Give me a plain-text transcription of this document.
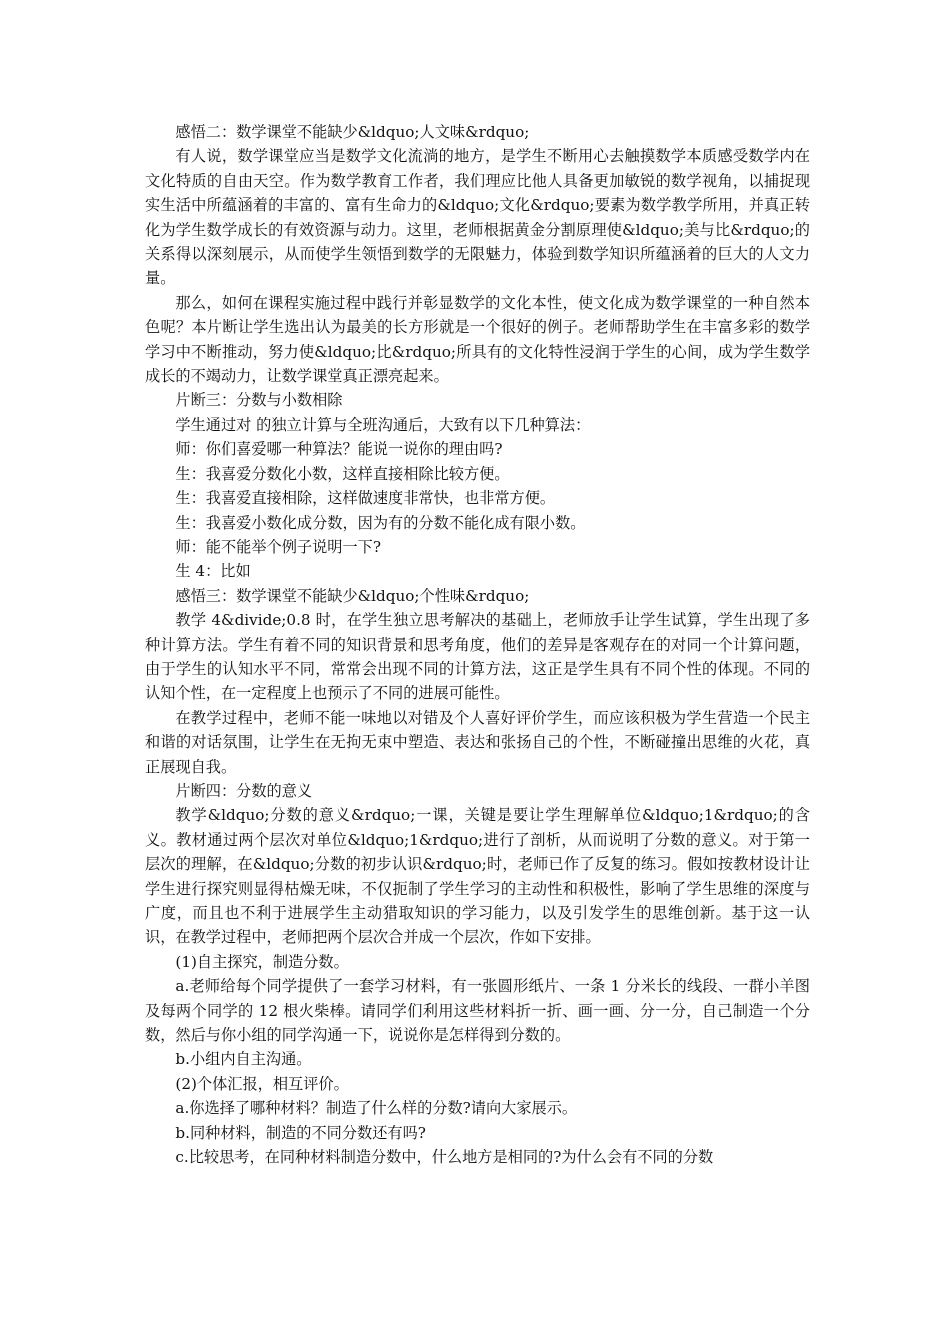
感悟二：数学课堂不能缺少&ldquo;人文味&rdquo;

有人说，数学课堂应当是数学文化流淌的地方，是学生不断用心去触摸数学本质感受数学内在文化特质的自由天空。作为数学教育工作者，我们理应比他人具备更加敏锐的数学视角，以捕捉现实生活中所蕴涵着的丰富的、富有生命力的&ldquo;文化&rdquo;要素为数学教学所用，并真正转化为学生数学成长的有效资源与动力。这里，老师根据黄金分割原理使&ldquo;美与比&rdquo;的关系得以深刻展示，从而使学生领悟到数学的无限魅力，体验到数学知识所蕴涵着的巨大的人文力量。

那么，如何在课程实施过程中践行并彰显数学的文化本性，使文化成为数学课堂的一种自然本色呢？本片断让学生选出认为最美的长方形就是一个很好的例子。老师帮助学生在丰富多彩的数学学习中不断推动，努力使&ldquo;比&rdquo;所具有的文化特性浸润于学生的心间，成为学生数学成长的不竭动力，让数学课堂真正漂亮起来。

片断三：分数与小数相除

学生通过对 的独立计算与全班沟通后，大致有以下几种算法：

师：你们喜爱哪一种算法？能说一说你的理由吗?

生：我喜爱分数化小数，这样直接相除比较方便。

生：我喜爱直接相除，这样做速度非常快，也非常方便。

生：我喜爱小数化成分数，因为有的分数不能化成有限小数。

师：能不能举个例子说明一下?

生 4：比如

感悟三：数学课堂不能缺少&ldquo;个性味&rdquo;

教学 4&divide;0.8 时，在学生独立思考解决的基础上，老师放手让学生试算，学生出现了多种计算方法。学生有着不同的知识背景和思考角度，他们的差异是客观存在的对同一个计算问题，由于学生的认知水平不同，常常会出现不同的计算方法，这正是学生具有不同个性的体现。不同的认知个性，在一定程度上也预示了不同的进展可能性。

在教学过程中，老师不能一味地以对错及个人喜好评价学生，而应该积极为学生营造一个民主和谐的对话氛围，让学生在无拘无束中塑造、表达和张扬自己的个性，不断碰撞出思维的火花，真正展现自我。

片断四：分数的意义

教学&ldquo;分数的意义&rdquo;一课，关键是要让学生理解单位&ldquo;1&rdquo;的含义。教材通过两个层次对单位&ldquo;1&rdquo;进行了剖析，从而说明了分数的意义。对于第一层次的理解，在&ldquo;分数的初步认识&rdquo;时，老师已作了反复的练习。假如按教材设计让学生进行探究则显得枯燥无味，不仅扼制了学生学习的主动性和积极性，影响了学生思维的深度与广度，而且也不利于进展学生主动猎取知识的学习能力，以及引发学生的思维创新。基于这一认识，在教学过程中，老师把两个层次合并成一个层次，作如下安排。

(1)自主探究，制造分数。

a.老师给每个同学提供了一套学习材料，有一张圆形纸片、一条 1 分米长的线段、一群小羊图及每两个同学的 12 根火柴棒。请同学们利用这些材料折一折、画一画、分一分，自己制造一个分数，然后与你小组的同学沟通一下，说说你是怎样得到分数的。

b.小组内自主沟通。

(2)个体汇报，相互评价。

a.你选择了哪种材料？制造了什么样的分数?请向大家展示。

b.同种材料，制造的不同分数还有吗?

c.比较思考，在同种材料制造分数中，什么地方是相同的?为什么会有不同的分数
